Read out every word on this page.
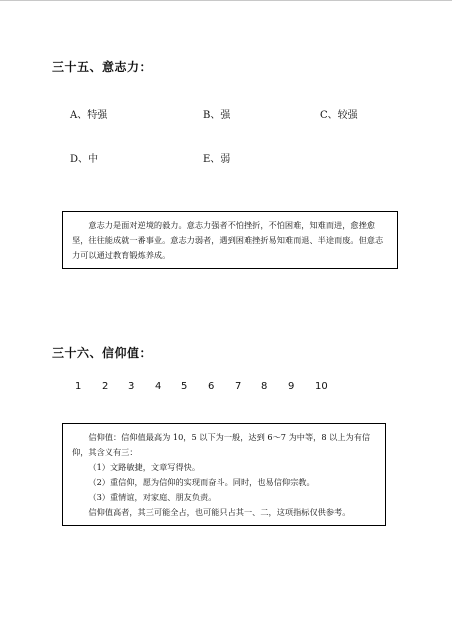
三十五、意志力：
A、特强	B、强	C、较强
D、中	E、弱

意志力是面对逆境的毅力。意志力强者不怕挫折，不怕困难，知难而进，愈挫愈坚，往往能成就一番事业。意志力弱者，遇到困难挫折易知难而退、半途而废。但意志力可以通过教育锻炼养成。

三十六、信仰值：
1 2 3 4 5 6 7 8 9 10

信仰值：信仰值最高为 10，5 以下为一般，达到 6～7 为中等，8 以上为有信仰，其含义有三：

（1）文路敏捷，文章写得快。

（2）重信仰，愿为信仰的实现而奋斗。同时，也易信仰宗教。

（3）重情谊，对家庭、朋友负责。

信仰值高者，其三可能全占，也可能只占其一、二，这项指标仅供参考。
